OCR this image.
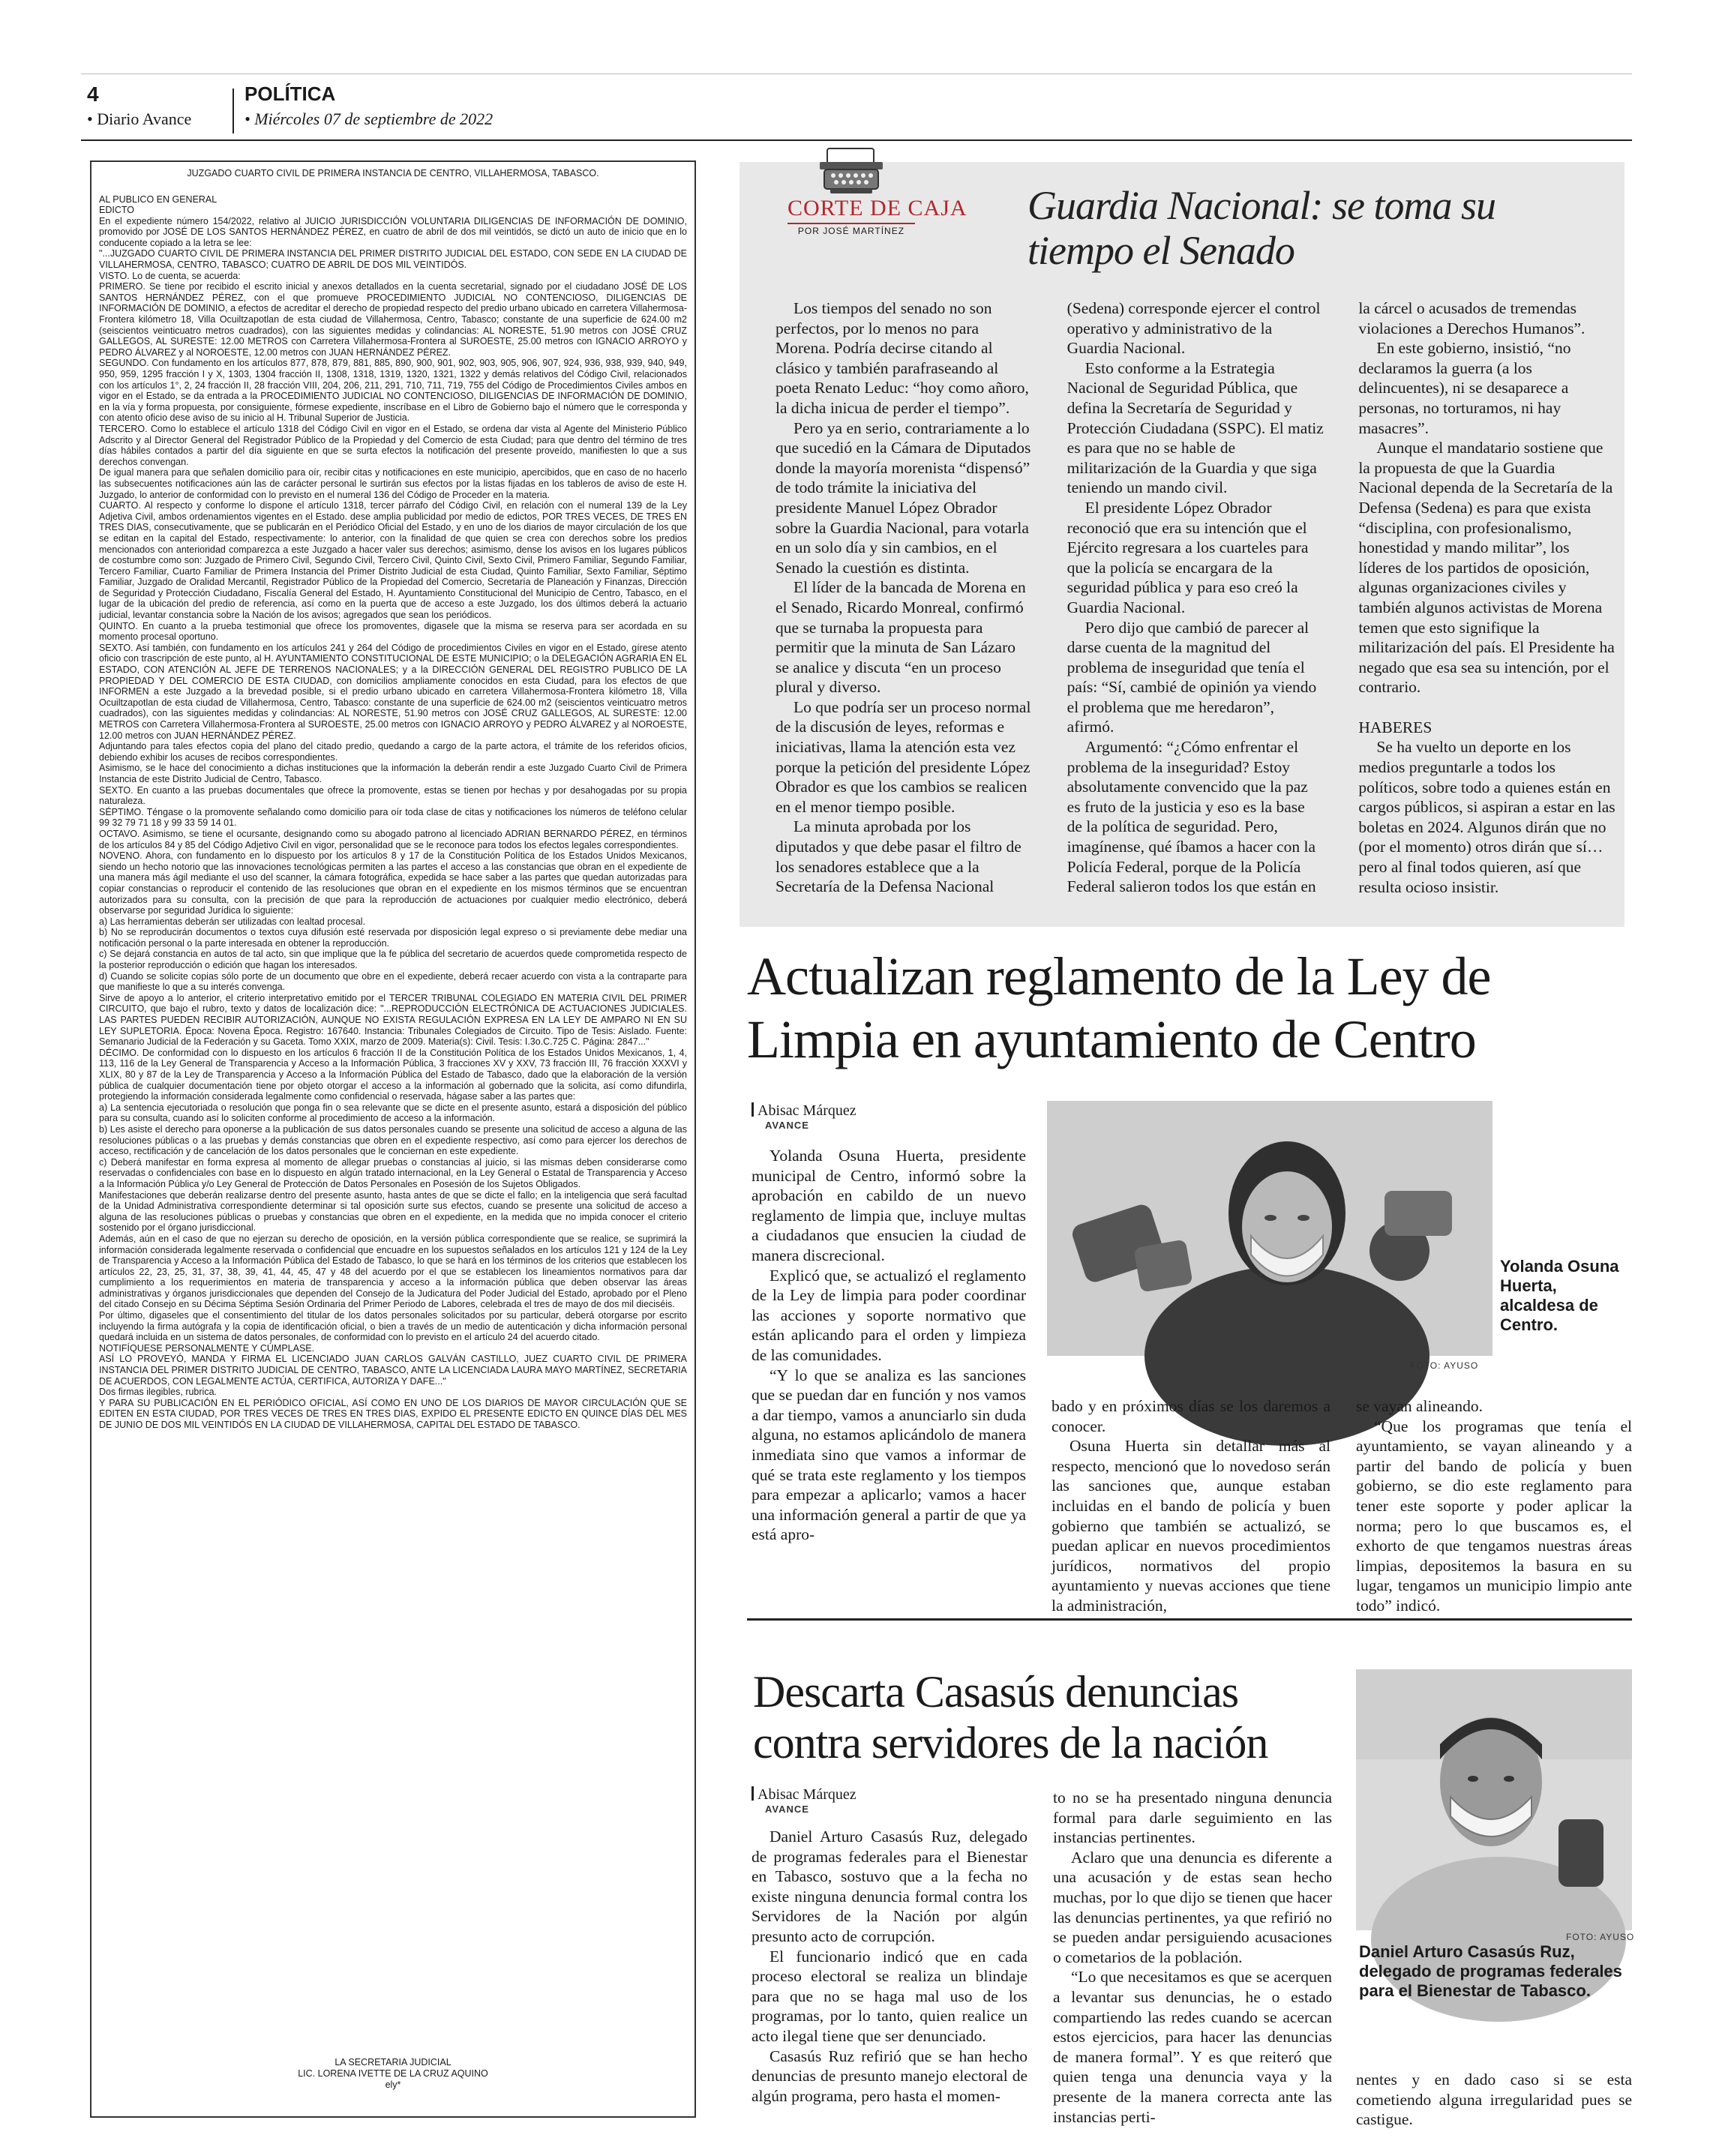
4
• Diario Avance
POLÍTICA
• Miércoles 07 de septiembre de 2022
JUZGADO CUARTO CIVIL DE PRIMERA INSTANCIA DE CENTRO, VILLAHERMOSA, TABASCO.

AL PUBLICO EN GENERAL

EDICTO

En el expediente número 154/2022, relativo al JUICIO JURISDICCIÓN VOLUNTARIA DILIGENCIAS DE INFORMACIÓN DE DOMINIO, promovido por JOSÉ DE LOS SANTOS HERNÁNDEZ PÉREZ, en cuatro de abril de dos mil veintidós, se dictó un auto de inicio que en lo conducente copiado a la letra se lee:

"...JUZGADO CUARTO CIVIL DE PRIMERA INSTANCIA DEL PRIMER DISTRITO JUDICIAL DEL ESTADO, CON SEDE EN LA CIUDAD DE VILLAHERMOSA, CENTRO, TABASCO; CUATRO DE ABRIL DE DOS MIL VEINTIDÓS.

VISTO. Lo de cuenta, se acuerda:

PRIMERO. Se tiene por recibido el escrito inicial y anexos detallados en la cuenta secretarial, signado por el ciudadano JOSÉ DE LOS SANTOS HERNÁNDEZ PÉREZ, con el que promueve PROCEDIMIENTO JUDICIAL NO CONTENCIOSO, DILIGENCIAS DE INFORMACIÓN DE DOMINIO, a efectos de acreditar el derecho de propiedad respecto del predio urbano ubicado en carretera Villahermosa-Frontera kilómetro 18, Villa Ocuiltzapotlan de esta ciudad de Villahermosa, Centro, Tabasco; constante de una superficie de 624.00 m2 (seiscientos veinticuatro metros cuadrados), con las siguientes medidas y colindancias: AL NORESTE, 51.90 metros con JOSÉ CRUZ GALLEGOS, AL SURESTE: 12.00 METROS con Carretera Villahermosa-Frontera al SUROESTE, 25.00 metros con IGNACIO ARROYO y PEDRO ÁLVAREZ y al NOROESTE, 12.00 metros con JUAN HERNÁNDEZ PÉREZ.

SEGUNDO. Con fundamento en los artículos 877, 878, 879, 881, 885, 890, 900, 901, 902, 903, 905, 906, 907, 924, 936, 938, 939, 940, 949, 950, 959, 1295 fracción I y X, 1303, 1304 fracción II, 1308, 1318, 1319, 1320, 1321, 1322 y demás relativos del Código Civil, relacionados con los artículos 1°, 2, 24 fracción II, 28 fracción VIII, 204, 206, 211, 291, 710, 711, 719, 755 del Código de Procedimientos Civiles ambos en vigor en el Estado, se da entrada a la PROCEDIMIENTO JUDICIAL NO CONTENCIOSO, DILIGENCIAS DE INFORMACIÓN DE DOMINIO, en la vía y forma propuesta, por consiguiente, fórmese expediente, inscríbase en el Libro de Gobierno bajo el número que le corresponda y con atento oficio dese aviso de su inicio al H. Tribunal Superior de Justicia.

TERCERO. Como lo establece el artículo 1318 del Código Civil en vigor en el Estado, se ordena dar vista al Agente del Ministerio Público Adscrito y al Director General del Registrador Público de la Propiedad y del Comercio de esta Ciudad; para que dentro del término de tres días hábiles contados a partir del día siguiente en que se surta efectos la notificación del presente proveído, manifiesten lo que a sus derechos convengan.

De igual manera para que señalen domicilio para oír, recibir citas y notificaciones en este municipio, apercibidos, que en caso de no hacerlo las subsecuentes notificaciones aún las de carácter personal le surtirán sus efectos por la listas fijadas en los tableros de aviso de este H. Juzgado, lo anterior de conformidad con lo previsto en el numeral 136 del Código de Proceder en la materia.

CUARTO. Al respecto y conforme lo dispone el artículo 1318, tercer párrafo del Código Civil, en relación con el numeral 139 de la Ley Adjetiva Civil, ambos ordenamientos vigentes en el Estado. dese amplia publicidad por medio de edictos, POR TRES VECES, DE TRES EN TRES DIAS, consecutivamente, que se publicarán en el Periódico Oficial del Estado, y en uno de los diarios de mayor circulación de los que se editan en la capital del Estado, respectivamente: lo anterior, con la finalidad de que quien se crea con derechos sobre los predios mencionados con anterioridad comparezca a este Juzgado a hacer valer sus derechos; asimismo, dense los avisos en los lugares públicos de costumbre como son: Juzgado de Primero Civil, Segundo Civil, Tercero Civil, Quinto Civil, Sexto Civil, Primero Familiar, Segundo Familiar, Tercero Familiar, Cuarto Familiar de Primera Instancia del Primer Distrito Judicial de esta Ciudad, Quinto Familiar, Sexto Familiar, Séptimo Familiar, Juzgado de Oralidad Mercantil, Registrador Público de la Propiedad del Comercio, Secretaría de Planeación y Finanzas, Dirección de Seguridad y Protección Ciudadano, Fiscalía General del Estado, H. Ayuntamiento Constitucional del Municipio de Centro, Tabasco, en el lugar de la ubicación del predio de referencia, así como en la puerta que de acceso a este Juzgado, los dos últimos deberá la actuario judicial, levantar constancia sobre la Nación de los avisos; agregados que sean los periódicos.

QUINTO. En cuanto a la prueba testimonial que ofrece los promoventes, digasele que la misma se reserva para ser acordada en su momento procesal oportuno.

SEXTO. Así también, con fundamento en los artículos 241 y 264 del Código de procedimientos Civiles en vigor en el Estado, gírese atento oficio con trascripción de este punto, al H. AYUNTAMIENTO CONSTITUCIONAL DE ESTE MUNICIPIO; o la DELEGACIÓN AGRARIA EN EL ESTADO, CON ATENCIÓN AL JEFE DE TERRENOS NACIONALES; y a la DIRECCIÓN GENERAL DEL REGISTRO PUBLICO DE LA PROPIEDAD Y DEL COMERCIO DE ESTA CIUDAD, con domicilios ampliamente conocidos en esta Ciudad, para los efectos de que INFORMEN a este Juzgado a la brevedad posible, si el predio urbano ubicado en carretera Villahermosa-Frontera kilómetro 18, Villa Ocuiltzapotlan de esta ciudad de Villahermosa, Centro, Tabasco: constante de una superficie de 624.00 m2 (seiscientos veinticuatro metros cuadrados), con las siguientes medidas y colindancias: AL NORESTE, 51.90 metros con JOSÉ CRUZ GALLEGOS, AL SURESTE: 12.00 METROS con Carretera Villahermosa-Frontera al SUROESTE, 25.00 metros con IGNACIO ARROYO y PEDRO ÁLVAREZ y al NOROESTE, 12.00 metros con JUAN HERNÁNDEZ PÉREZ.

Adjuntando para tales efectos copia del plano del citado predio, quedando a cargo de la parte actora, el trámite de los referidos oficios, debiendo exhibir los acuses de recibos correspondientes.

Asimismo, se le hace del conocimiento a dichas instituciones que la información la deberán rendir a este Juzgado Cuarto Civil de Primera Instancia de este Distrito Judicial de Centro, Tabasco.

SEXTO. En cuanto a las pruebas documentales que ofrece la promovente, estas se tienen por hechas y por desahogadas por su propia naturaleza.

SÉPTIMO. Téngase o la promovente señalando como domicilio para oír toda clase de citas y notificaciones los números de teléfono celular 99 32 79 71 18 y 99 33 59 14 01.

OCTAVO. Asimismo, se tiene el ocursante, designando como su abogado patrono al licenciado ADRIAN BERNARDO PÉREZ, en términos de los artículos 84 y 85 del Código Adjetivo Civil en vigor, personalidad que se le reconoce para todos los efectos legales correspondientes.

NOVENO. Ahora, con fundamento en lo dispuesto por los artículos 8 y 17 de la Constitución Política de los Estados Unidos Mexicanos, siendo un hecho notorio que las innovaciones tecnológicas permiten a las partes el acceso a las constancias que obran en el expediente de una manera más ágil mediante el uso del scanner, la cámara fotográfica, expedida se hace saber a las partes que quedan autorizadas para copiar constancias o reproducir el contenido de las resoluciones que obran en el expediente en los mismos términos que se encuentran autorizados para su consulta, con la precisión de que para la reproducción de actuaciones por cualquier medio electrónico, deberá observarse por seguridad Jurídica lo siguiente:

a) Las herramientas deberán ser utilizadas con lealtad procesal.

b) No se reproducirán documentos o textos cuya difusión esté reservada por disposición legal expreso o si previamente debe mediar una notificación personal o la parte interesada en obtener la reproducción.

c) Se dejará constancia en autos de tal acto, sin que implique que la fe pública del secretario de acuerdos quede comprometida respecto de la posterior reproducción o edición que hagan los interesados.

d) Cuando se solicite copias sólo porte de un documento que obre en el expediente, deberá recaer acuerdo con vista a la contraparte para que manifieste lo que a su interés convenga.

Sirve de apoyo a lo anterior, el criterio interpretativo emitido por el TERCER TRIBUNAL COLEGIADO EN MATERIA CIVIL DEL PRIMER CIRCUITO, que bajo el rubro, texto y datos de localización dice: "...REPRODUCCIÓN ELECTRÓNICA DE ACTUACIONES JUDICIALES. LAS PARTES PUEDEN RECIBIR AUTORIZACIÓN, AUNQUE NO EXISTA REGULACIÓN EXPRESA EN LA LEY DE AMPARO NI EN SU LEY SUPLETORIA. Época: Novena Época. Registro: 167640. Instancia: Tribunales Colegiados de Circuito. Tipo de Tesis: Aislado. Fuente: Semanario Judicial de la Federación y su Gaceta. Tomo XXIX, marzo de 2009. Materia(s): Civil. Tesis: I.3o.C.725 C. Página: 2847..."

DÉCIMO. De conformidad con lo dispuesto en los artículos 6 fracción II de la Constitución Política de los Estados Unidos Mexicanos, 1, 4, 113, 116 de la Ley General de Transparencia y Acceso a la Información Pública, 3 fracciones XV y XXV, 73 fracción III, 76 fracción XXXVI y XLIX, 80 y 87 de la Ley de Transparencia y Acceso a la Información Pública del Estado de Tabasco, dado que la elaboración de la versión pública de cualquier documentación tiene por objeto otorgar el acceso a la información al gobernado que la solicita, así como difundirla, protegiendo la información considerada legalmente como confidencial o reservada, hágase saber a las partes que:

a) La sentencia ejecutoriada o resolución que ponga fin o sea relevante que se dicte en el presente asunto, estará a disposición del público para su consulta, cuando así lo soliciten conforme al procedimiento de acceso a la información.

b) Les asiste el derecho para oponerse a la publicación de sus datos personales cuando se presente una solicitud de acceso a alguna de las resoluciones públicas o a las pruebas y demás constancias que obren en el expediente respectivo, así como para ejercer los derechos de acceso, rectificación y de cancelación de los datos personales que le conciernan en este expediente.

c) Deberá manifestar en forma expresa al momento de allegar pruebas o constancias al juicio, si las mismas deben considerarse como reservadas o confidenciales con base en lo dispuesto en algún tratado internacional, en la Ley General o Estatal de Transparencia y Acceso a la Información Pública y/o Ley General de Protección de Datos Personales en Posesión de los Sujetos Obligados.

Manifestaciones que deberán realizarse dentro del presente asunto, hasta antes de que se dicte el fallo; en la inteligencia que será facultad de la Unidad Administrativa correspondiente determinar si tal oposición surte sus efectos, cuando se presente una solicitud de acceso a alguna de las resoluciones públicas o pruebas y constancias que obren en el expediente, en la medida que no impida conocer el criterio sostenido por el órgano jurisdiccional.

Además, aún en el caso de que no ejerzan su derecho de oposición, en la versión pública correspondiente que se realice, se suprimirá la información considerada legalmente reservada o confidencial que encuadre en los supuestos señalados en los artículos 121 y 124 de la Ley de Transparencia y Acceso a la Información Pública del Estado de Tabasco, lo que se hará en los términos de los criterios que establecen los artículos 22, 23, 25, 31, 37, 38, 39, 41, 44, 45, 47 y 48 del acuerdo por el que se establecen los lineamientos normativos para dar cumplimiento a los requerimientos en materia de transparencia y acceso a la información pública que deben observar las áreas administrativas y órganos jurisdiccionales que dependen del Consejo de la Judicatura del Poder Judicial del Estado, aprobado por el Pleno del citado Consejo en su Décima Séptima Sesión Ordinaria del Primer Periodo de Labores, celebrada el tres de mayo de dos mil dieciséis.

Por último, digaseles que el consentimiento del titular de los datos personales solicitados por su particular, deberá otorgarse por escrito incluyendo la firma autógrafa y la copia de identificación oficial, o bien a través de un medio de autenticación y dicha información personal quedará incluida en un sistema de datos personales, de conformidad con lo previsto en el artículo 24 del acuerdo citado.

NOTIFÍQUESE PERSONALMENTE Y CÚMPLASE.

ASÍ LO PROVEYÓ, MANDA Y FIRMA EL LICENCIADO JUAN CARLOS GALVÁN CASTILLO, JUEZ CUARTO CIVIL DE PRIMERA INSTANCIA DEL PRIMER DISTRITO JUDICIAL DE CENTRO, TABASCO, ANTE LA LICENCIADA LAURA MAYO MARTÍNEZ, SECRETARIA DE ACUERDOS, CON LEGALMENTE ACTÚA, CERTIFICA, AUTORIZA Y DAFE..."

Dos firmas ilegibles, rubrica.

Y PARA SU PUBLICACIÓN EN EL PERIÓDICO OFICIAL, ASÍ COMO EN UNO DE LOS DIARIOS DE MAYOR CIRCULACIÓN QUE SE EDITEN EN ESTA CIUDAD, POR TRES VECES DE TRES EN TRES DIAS, EXPIDO EL PRESENTE EDICTO EN QUINCE DÍAS DEL MES DE JUNIO DE DOS MIL VEINTIDÓS EN LA CIUDAD DE VILLAHERMOSA, CAPITAL DEL ESTADO DE TABASCO.

LA SECRETARIA JUDICIAL
LIC. LORENA IVETTE DE LA CRUZ AQUINO
ely*
CORTE DE CAJA
POR JOSÉ MARTÍNEZ
Guardia Nacional: se toma su tiempo el Senado

Los tiempos del senado no son perfectos, por lo menos no para Morena. Podría decirse citando al clásico y también parafraseando al poeta Renato Leduc: “hoy como añoro, la dicha inicua de perder el tiempo”.

Pero ya en serio, contrariamente a lo que sucedió en la Cámara de Diputados donde la mayoría morenista “dispensó” de todo trámite la iniciativa del presidente Manuel López Obrador sobre la Guardia Nacional, para votarla en un solo día y sin cambios, en el Senado la cuestión es distinta.

El líder de la bancada de Morena en el Senado, Ricardo Monreal, confirmó que se turnaba la propuesta para permitir que la minuta de San Lázaro se analice y discuta “en un proceso plural y diverso.

Lo que podría ser un proceso normal de la discusión de leyes, reformas e iniciativas, llama la atención esta vez porque la petición del presidente López Obrador es que los cambios se realicen en el menor tiempo posible.

La minuta aprobada por los diputados y que debe pasar el filtro de los senadores establece que a la Secretaría de la Defensa Nacional (Sedena) corresponde ejercer el control operativo y administrativo de la Guardia Nacional.

Esto conforme a la Estrategia Nacional de Seguridad Pública, que defina la Secretaría de Seguridad y Protección Ciudadana (SSPC). El matiz es para que no se hable de militarización de la Guardia y que siga teniendo un mando civil.

El presidente López Obrador reconoció que era su intención que el Ejército regresara a los cuarteles para que la policía se encargara de la seguridad pública y para eso creó la Guardia Nacional.

Pero dijo que cambió de parecer al darse cuenta de la magnitud del problema de inseguridad que tenía el país: “Sí, cambié de opinión ya viendo el problema que me heredaron”, afirmó.

Argumentó: “¿Cómo enfrentar el problema de la inseguridad? Estoy absolutamente convencido que la paz es fruto de la justicia y eso es la base de la política de seguridad. Pero, imagínense, qué íbamos a hacer con la Policía Federal, porque de la Policía Federal salieron todos los que están en la cárcel o acusados de tremendas violaciones a Derechos Humanos”.

En este gobierno, insistió, “no declaramos la guerra (a los delincuentes), ni se desaparece a personas, no torturamos, ni hay masacres”.

Aunque el mandatario sostiene que la propuesta de que la Guardia Nacional dependa de la Secretaría de la Defensa (Sedena) es para que exista “disciplina, con profesionalismo, honestidad y mando militar”, los líderes de los partidos de oposición, algunas organizaciones civiles y también algunos activistas de Morena temen que esto signifique la militarización del país. El Presidente ha negado que esa sea su intención, por el contrario.

HABERES

Se ha vuelto un deporte en los medios preguntarle a todos los políticos, sobre todo a quienes están en cargos públicos, si aspiran a estar en las boletas en 2024. Algunos dirán que no (por el momento) otros dirán que sí… pero al final todos quieren, así que resulta ocioso insistir.

Actualizan reglamento de la Ley de Limpia en ayuntamiento de Centro
Abisac Márquez
AVANCE

Yolanda Osuna Huerta, presidente municipal de Centro, informó sobre la aprobación en cabildo de un nuevo reglamento de limpia que, incluye multas a ciudadanos que ensucien la ciudad de manera discrecional.

Explicó que, se actualizó el reglamento de la Ley de limpia para poder coordinar las acciones y soporte normativo que están aplicando para el orden y limpieza de las comunidades.

“Y lo que se analiza es las sanciones que se puedan dar en función y nos vamos a dar tiempo, vamos a anunciarlo sin duda alguna, no estamos aplicándolo de manera inmediata sino que vamos a informar de qué se trata este reglamento y los tiempos para empezar a aplicarlo; vamos a hacer una información general a partir de que ya está apro-

FOTO: AYUSO
Yolanda Osuna Huerta, alcaldesa de Centro.

bado y en próximos días se los daremos a conocer.

Osuna Huerta sin detallar más al respecto, mencionó que lo novedoso serán las sanciones que, aunque estaban incluidas en el bando de policía y buen gobierno que también se actualizó, se puedan aplicar en nuevos procedimientos jurídicos, normativos del propio ayuntamiento y nuevas acciones que tiene la administración,

se vayan alineando.

“Que los programas que tenía el ayuntamiento, se vayan alineando y a partir del bando de policía y buen gobierno, se dio este reglamento para tener este soporte y poder aplicar la norma; pero lo que buscamos es, el exhorto de que tengamos nuestras áreas limpias, depositemos la basura en su lugar, tengamos un municipio limpio ante todo” indicó.

Descarta Casasús denuncias contra servidores de la nación
Abisac Márquez
AVANCE

Daniel Arturo Casasús Ruz, delegado de programas federales para el Bienestar en Tabasco, sostuvo que a la fecha no existe ninguna denuncia formal contra los Servidores de la Nación por algún presunto acto de corrupción.

El funcionario indicó que en cada proceso electoral se realiza un blindaje para que no se haga mal uso de los programas, por lo tanto, quien realice un acto ilegal tiene que ser denunciado.

Casasús Ruz refirió que se han hecho denuncias de presunto manejo electoral de algún programa, pero hasta el momen-

to no se ha presentado ninguna denuncia formal para darle seguimiento en las instancias pertinentes.

Aclaro que una denuncia es diferente a una acusación y de estas sean hecho muchas, por lo que dijo se tienen que hacer las denuncias pertinentes, ya que refirió no se pueden andar persiguiendo acusaciones o cometarios de la población.

“Lo que necesitamos es que se acerquen a levantar sus denuncias, he o estado compartiendo las redes cuando se acercan estos ejercicios, para hacer las denuncias de manera formal”. Y es que reiteró que quien tenga una denuncia vaya y la presente de la manera correcta ante las instancias perti-

FOTO: AYUSO
Daniel Arturo Casasús Ruz, delegado de programas federales para el Bienestar de Tabasco.

nentes y en dado caso si se esta cometiendo alguna irregularidad pues se castigue.
